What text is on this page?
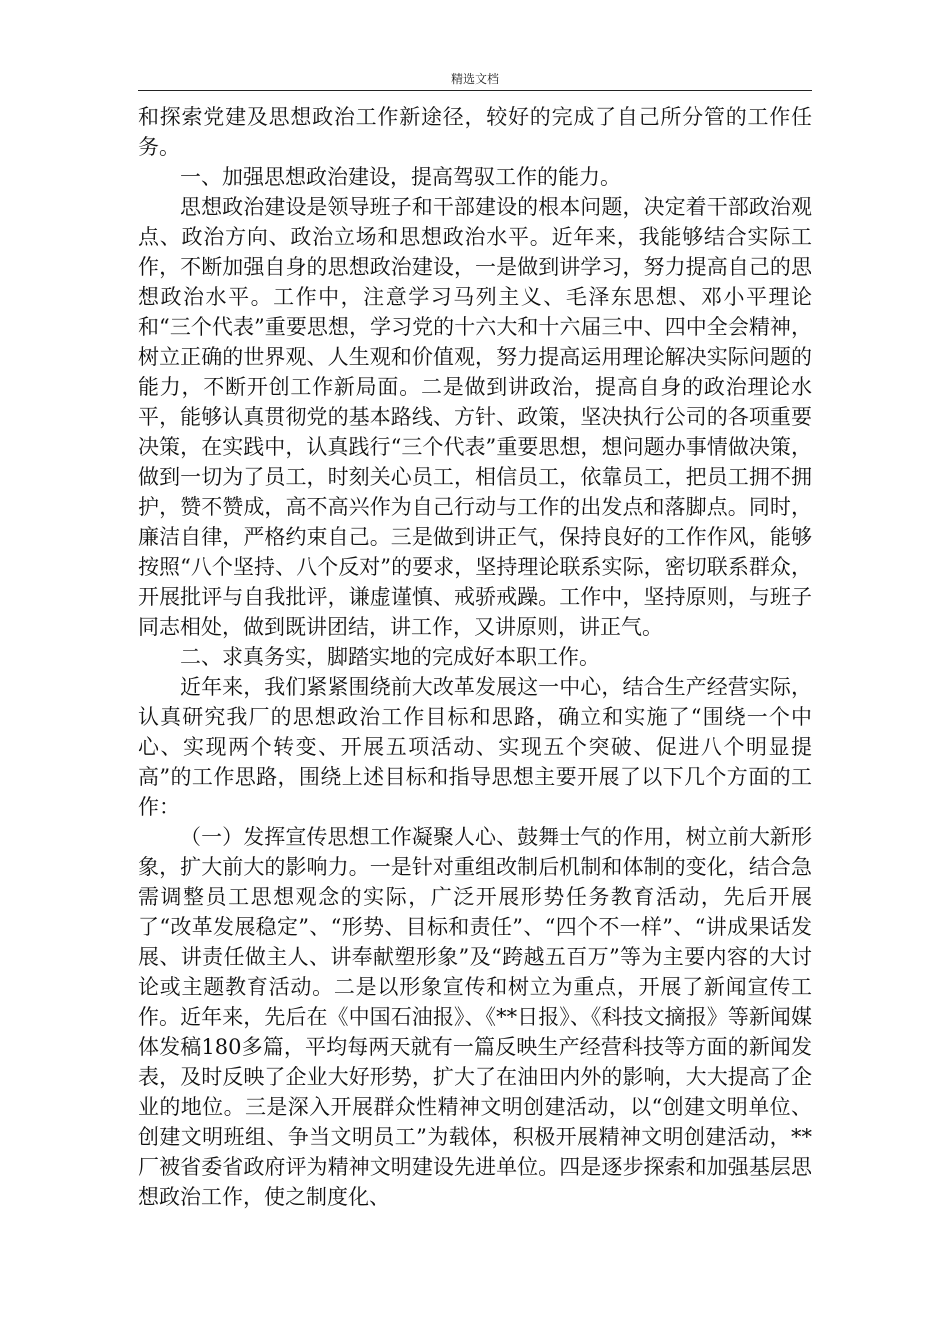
精选文档

和探索党建及思想政治工作新途径，较好的完成了自己所分管的工作任务。

一、加强思想政治建设，提高驾驭工作的能力。

思想政治建设是领导班子和干部建设的根本问题，决定着干部政治观点、政治方向、政治立场和思想政治水平。近年来，我能够结合实际工作，不断加强自身的思想政治建设，一是做到讲学习，努力提高自己的思想政治水平。工作中，注意学习马列主义、毛泽东思想、邓小平理论和“三个代表”重要思想，学习党的十六大和十六届三中、四中全会精神，树立正确的世界观、人生观和价值观，努力提高运用理论解决实际问题的能力，不断开创工作新局面。二是做到讲政治，提高自身的政治理论水平，能够认真贯彻党的基本路线、方针、政策，坚决执行公司的各项重要决策，在实践中，认真践行“三个代表”重要思想，想问题办事情做决策，做到一切为了员工，时刻关心员工，相信员工，依靠员工，把员工拥不拥护，赞不赞成，高不高兴作为自己行动与工作的出发点和落脚点。同时，廉洁自律，严格约束自己。三是做到讲正气，保持良好的工作作风，能够按照“八个坚持、八个反对”的要求，坚持理论联系实际，密切联系群众，开展批评与自我批评，谦虚谨慎、戒骄戒躁。工作中，坚持原则，与班子同志相处，做到既讲团结，讲工作，又讲原则，讲正气。

二、求真务实，脚踏实地的完成好本职工作。

近年来，我们紧紧围绕前大改革发展这一中心，结合生产经营实际，认真研究我厂的思想政治工作目标和思路，确立和实施了“围绕一个中心、实现两个转变、开展五项活动、实现五个突破、促进八个明显提高”的工作思路，围绕上述目标和指导思想主要开展了以下几个方面的工作：

（一）发挥宣传思想工作凝聚人心、鼓舞士气的作用，树立前大新形象，扩大前大的影响力。一是针对重组改制后机制和体制的变化，结合急需调整员工思想观念的实际，广泛开展形势任务教育活动，先后开展了“改革发展稳定”、“形势、目标和责任”、“四个不一样”、“讲成果话发展、讲责任做主人、讲奉献塑形象”及“跨越五百万”等为主要内容的大讨论或主题教育活动。二是以形象宣传和树立为重点，开展了新闻宣传工作。近年来，先后在《中国石油报》、《**日报》、《科技文摘报》等新闻媒体发稿180多篇，平均每两天就有一篇反映生产经营科技等方面的新闻发表，及时反映了企业大好形势，扩大了在油田内外的影响，大大提高了企业的地位。三是深入开展群众性精神文明创建活动，以“创建文明单位、创建文明班组、争当文明员工”为载体，积极开展精神文明创建活动，**厂被省委省政府评为精神文明建设先进单位。四是逐步探索和加强基层思想政治工作，使之制度化、
